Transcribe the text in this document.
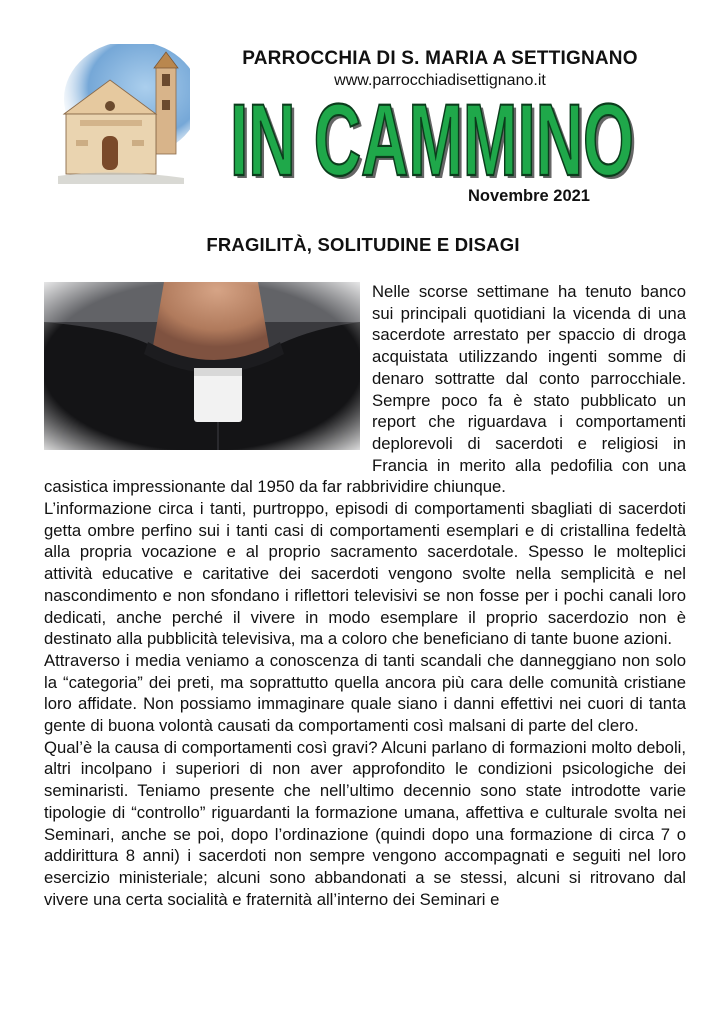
PARROCCHIA DI S. MARIA A SETTIGNANO
www.parrocchiadisettignano.it
IN CAMMINO
IN CAMMINO
Novembre 2021
FRAGILITÀ, SOLITUDINE E DISAGI

Nelle scorse settimane ha tenuto banco sui principali quotidiani la vicenda di una sacerdote arrestato per spaccio di droga acquistata utilizzando ingenti somme di denaro sottratte dal conto parrocchiale. Sempre poco fa è stato pubblicato un report che riguardava i comportamenti deplorevoli di sacerdoti e religiosi in Francia in merito alla pedofilia con una casistica impressionante dal 1950 da far rabbrividire chiunque.

L’informazione circa i tanti, purtroppo, episodi di comportamenti sbagliati di sacerdoti getta ombre perfino sui i tanti casi di comportamenti esemplari e di cristallina fedeltà alla propria vocazione e al proprio sacramento sacerdotale. Spesso le molteplici attività educative e caritative dei sacerdoti vengono svolte nella semplicità e nel nascondimento e non sfondano i riflettori televisivi se non fosse per i pochi canali loro dedicati, anche perché il vivere in modo esemplare il proprio sacerdozio non è destinato alla pubblicità televisiva, ma a coloro che beneficiano di tante buone azioni.

Attraverso i media veniamo a conoscenza di tanti scandali che danneggiano non solo la “categoria” dei preti, ma soprattutto quella ancora più cara delle comunità cristiane loro affidate. Non possiamo immaginare quale siano i danni effettivi nei cuori di tanta gente di buona volontà causati da comportamenti così malsani di parte del clero.

Qual’è la causa di comportamenti così gravi? Alcuni parlano di formazioni molto deboli, altri incolpano i superiori di non aver approfondito le condizioni psicologiche dei seminaristi. Teniamo presente che nell’ultimo decennio sono state introdotte varie tipologie di “controllo” riguardanti la formazione umana, affettiva e culturale svolta nei Seminari, anche se poi, dopo l’ordinazione (quindi dopo una formazione di circa 7 o addirittura 8 anni) i sacerdoti non sempre vengono accompagnati e seguiti nel loro esercizio ministeriale; alcuni sono abbandonati a se stessi, alcuni si ritrovano dal vivere una certa socialità e fraternità all’interno dei Seminari e
